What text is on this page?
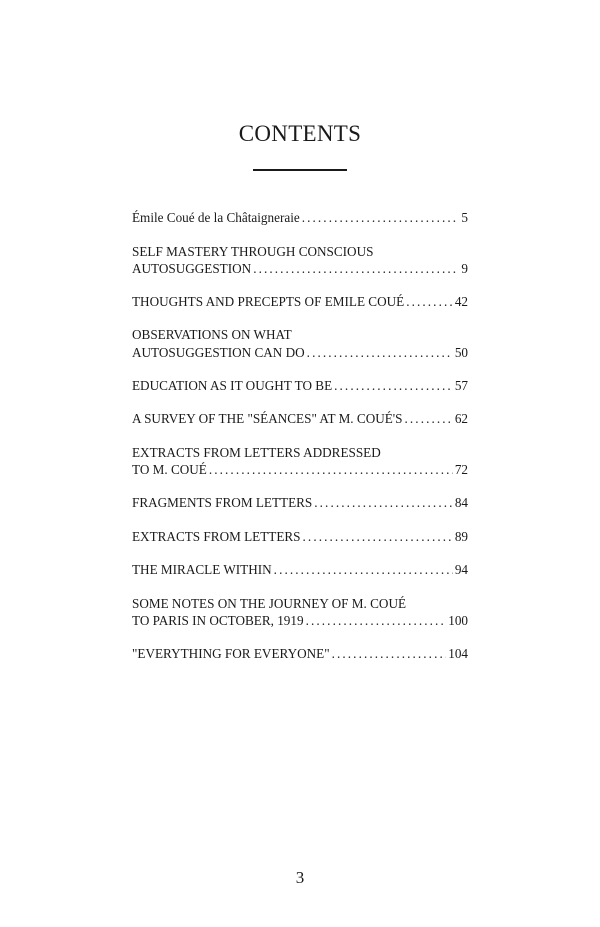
CONTENTS
Émile Coué de la Châtaigneraie . . .	5
SELF MASTERY THROUGH CONSCIOUS
AUTOSUGGESTION . . .	9
THOUGHTS AND PRECEPTS OF EMILE COUÉ . . .	42
OBSERVATIONS ON WHAT
AUTOSUGGESTION CAN DO . . .	50
EDUCATION AS IT OUGHT TO BE . . .	57
A SURVEY OF THE "SÉANCES" AT M. COUÉ'S . . .	62
EXTRACTS FROM LETTERS ADDRESSED
TO M. COUÉ . . .	72
FRAGMENTS FROM LETTERS . . .	84
EXTRACTS FROM LETTERS . . .	89
THE MIRACLE WITHIN . . .	94
SOME NOTES ON THE JOURNEY OF M. COUÉ
TO PARIS IN OCTOBER, 1919 . . .	100
"EVERYTHING FOR EVERYONE" . . .	104
3
